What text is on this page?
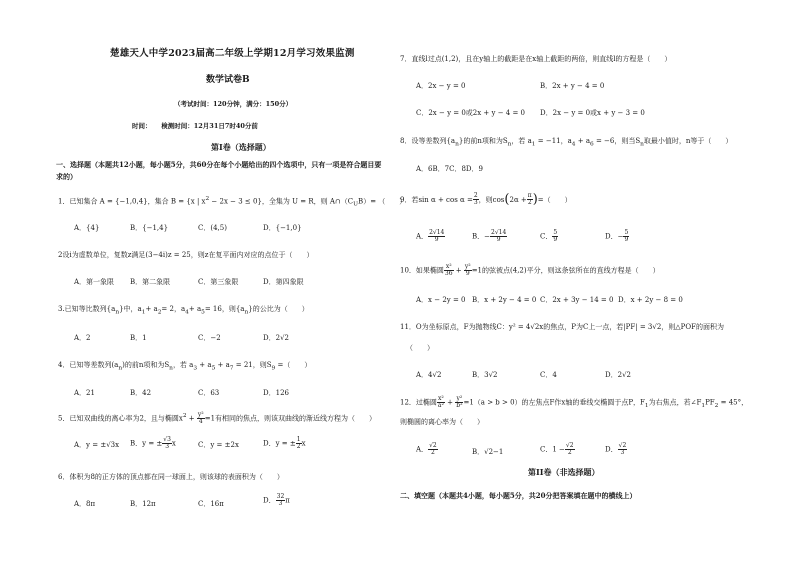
楚雄天人中学2023届高二年级上学期12月学习效果监测
数学试卷B
（考试时间：120分钟，满分：150分）
时间：　　 検测时间：12月31日7时40分前
第Ⅰ卷（选择题）
一、选择题（本题共12小题，每小题5分，共60分在每个小题给出的四个选项中，只有一项是符合题目要
求的）
1．已知集合 A = {−1,0,4}，集合 B = {x | $x^2 - 2x - 3 \le 0$}，全集为 U = R，则 $A\cap(C_UB)=$ （　　）
A．{4}	B．{−1,4}	C．(4,5)	D．{−1,0}
2设i为虚数单位，复数z满足(3−4i)z = 25，则z在复平面内对应的点位于（　　）
A．第一象限 B．第二象限	C．第三象限	D．第四象限
3.已知等比数列$\{a_n\}$中，$a_1+ a_2= 2$，$a_4+ a_5= 16$，则$\{a_n\}$的公比为（　　）
A．2	B．1	C．−2	D．2√2
4．已知等差数列$(a_n)$的前n项和为$S_n$，若 $a_3 + a_5 + a_7 = 21$，则$S_9$ =（　　）
A．21	B．42	C．63	D．126
5．已知双曲线的离心率为2，且与椭圆$x^2 + \frac{\text{y²}}{4} =1$有相同的焦点，则该双曲线的渐近线方程为（　　）
A．y = ±√3x B．y = ± $\frac{√3}{3}$ x	C．y = ±2x	D．y = ± $\frac{1}{2}$ x
6．体积为8的正方体的顶点都在同一球面上，则该球的表面积为（　　）
A．8π	B．12π	C．16π	D． $\frac{32}{3}$ π
7．直线l过点(1,2)，且在y轴上的截距是在x轴上截距的两倍，则直线l的方程是（　　）
A．2x − y = 0	B．2x + y − 4 = 0
C．2x − y = 0或2x + y − 4 = 0 D．2x − y = 0或x + y − 3 = 0
8．设等差数列$\{a_n\}$的前n项和为$S_n$，若 $a_1 = -11$，$a_4 + a_6 = -6$，则当$S_n$取最小值时，n等于（　　）
A．6B．7C．8D．9
9．若$\sin \alpha + \cos \alpha = \frac{2}{3}$ ，则$\cos(2\alpha + \frac{\pi}{2}$ )=（　　）
A． $\frac{2√14}{9}$	B．− $\frac{2√14}{9}$	C． $\frac{5}{9}$	D．− $\frac{5}{9}$
10．如果椭圆 $\frac{\text{x²}}{36} + \frac{\text{y²}}{9} =1$的弦被点(4,2)平分，则这条弦所在的直线方程是（　　）
A．x − 2y = 0 B．x + 2y − 4 = 0 C．2x + 3y − 14 = 0 D．x + 2y − 8 = 0
11．O为坐标原点，F为抛物线C：y² = 4√2x的焦点，P为C上一点，若|PF| = 3√2，则△POF的面积为
（　　）
A．4√2	B．3√2	C．4	D．2√2
12．过椭圆 $\frac{\text{x²}}{\text{a²}} + \frac{\text{y²}}{\text{b²}} =1(a > b > 0)$的左焦点F作x轴的垂线交椭圆于点P，$F_1$为右焦点，若$\angle F_1PF_2 = 45^\circ$，
则椭圆的离心率为（　　）
A． $\frac{√2}{2}$	B．√2−1	C．$1 - \frac{√2}{2}$	D． $\frac{√2}{3}$
第II卷（非选择题）
二、填空题（本题共4小题，每小题5分，共20分把答案填在题中的横线上）
